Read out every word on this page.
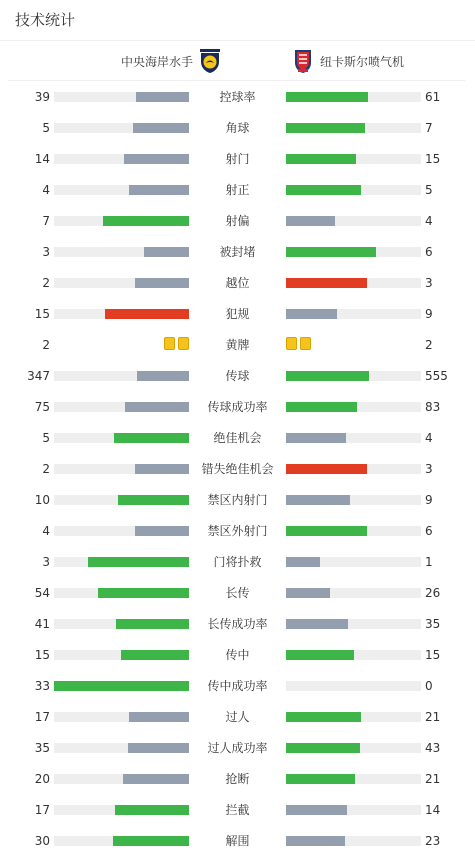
技术统计
中央海岸水手	纽卡斯尔喷气机
39	控球率	61
5	角球	7
14	射门	15
4	射正	5
7	射偏	4
3	被封堵	6
2	越位	3
15	犯规	9
2	黄牌	2
347	传球	555
75	传球成功率	83
5	绝佳机会	4
2	错失绝佳机会	3
10	禁区内射门	9
4	禁区外射门	6
3	门将扑救	1
54	长传	26
41	长传成功率	35
15	传中	15
33	传中成功率	0
17	过人	21
35	过人成功率	43
20	抢断	21
17	拦截	14
30	解围	23
